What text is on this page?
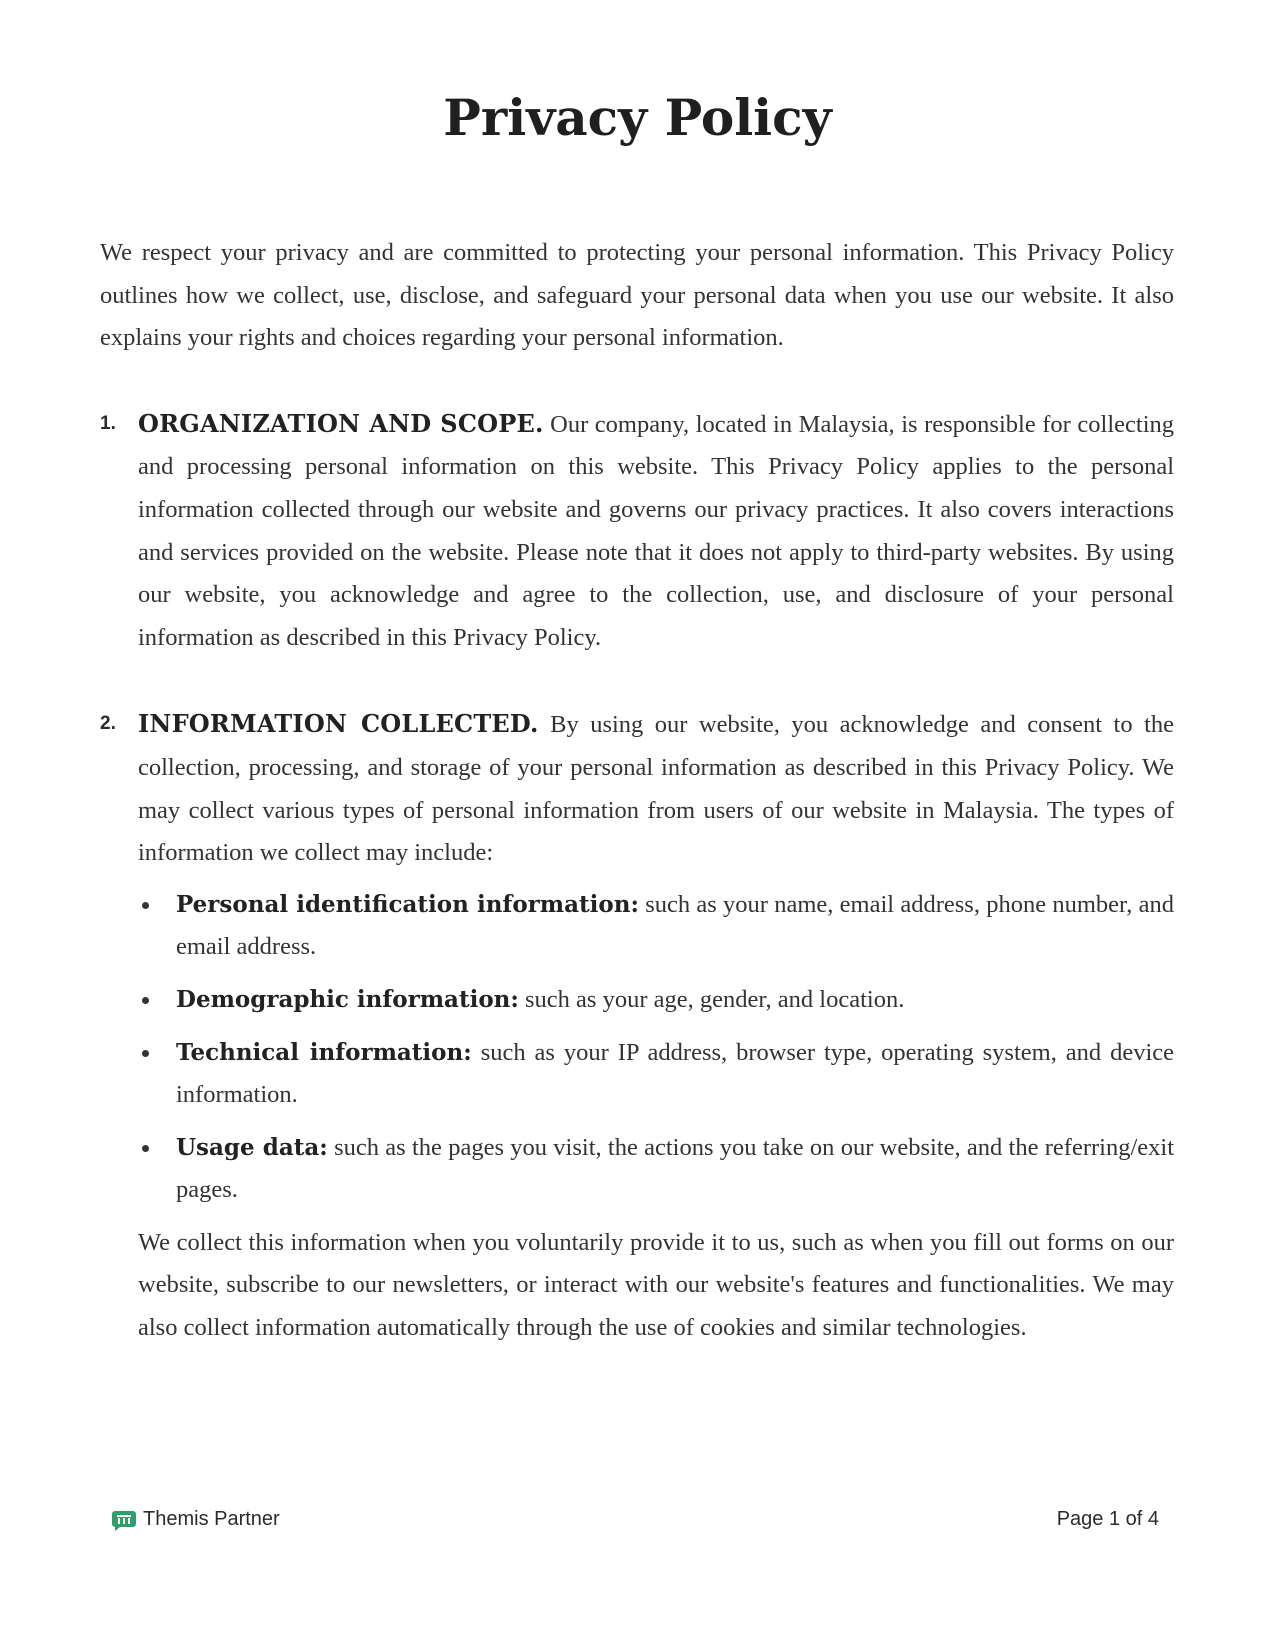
Privacy Policy

We respect your privacy and are committed to protecting your personal information. This Privacy Policy outlines how we collect, use, disclose, and safeguard your personal data when you use our website. It also explains your rights and choices regarding your personal information.

1. ORGANIZATION AND SCOPE. Our company, located in Malaysia, is responsible for collecting and processing personal information on this website. This Privacy Policy applies to the personal information collected through our website and governs our privacy practices. It also covers interactions and services provided on the website. Please note that it does not apply to third-party websites. By using our website, you acknowledge and agree to the collection, use, and disclosure of your personal information as described in this Privacy Policy.

2. INFORMATION COLLECTED. By using our website, you acknowledge and consent to the collection, processing, and storage of your personal information as described in this Privacy Policy. We may collect various types of personal information from users of our website in Malaysia. The types of information we collect may include:

Personal identification information: such as your name, email address, phone number, and email address.
Demographic information: such as your age, gender, and location.
Technical information: such as your IP address, browser type, operating system, and device information.
Usage data: such as the pages you visit, the actions you take on our website, and the referring/exit pages.

We collect this information when you voluntarily provide it to us, such as when you fill out forms on our website, subscribe to our newsletters, or interact with our website's features and functionalities. We may also collect information automatically through the use of cookies and similar technologies.

Themis Partner	Page 1 of 4
